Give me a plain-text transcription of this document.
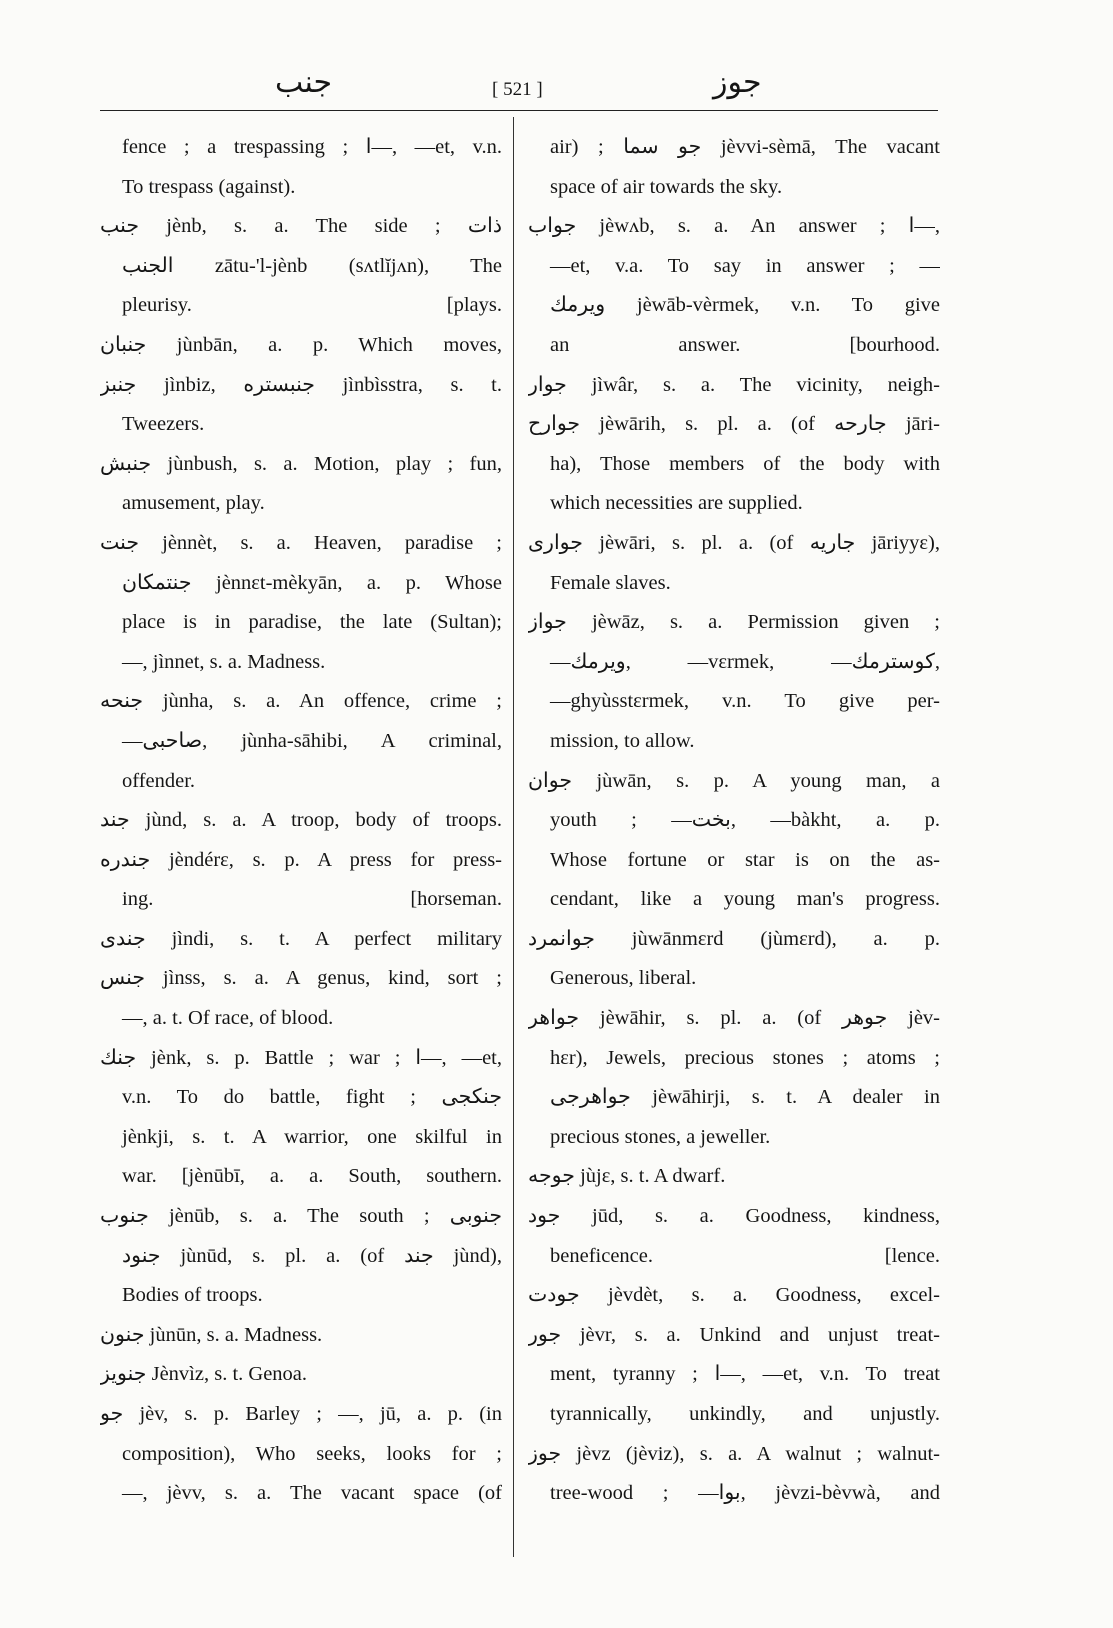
جنب	[ 521 ]	جوز
fence ; a trespassing ; ا—, —et, v.n.
To trespass (against).
جنب jènb, s. a. The side ; ذات
الجنب zātu-'l-jènb (sʌtlĭjʌn), The
pleurisy. [plays.
جنبان jùnbān, a. p. Which moves,
جنبز jìnbiz, جنبستره jìnbìsstra, s. t.
Tweezers.
جنبش jùnbush, s. a. Motion, play ; fun,
amusement, play.
جنت jènnèt, s. a. Heaven, paradise ;
جنتمكان jènnɛt-mèkyān, a. p. Whose
place is in paradise, the late (Sultan);
—, jìnnet, s. a. Madness.
جنحه jùnha, s. a. An offence, crime ;
—صاحبی, jùnha-sāhibi, A criminal,
offender.
جند jùnd, s. a. A troop, body of troops.
جندره jèndérɛ, s. p. A press for press-
ing. [horseman.
جندی jìndi, s. t. A perfect military
جنس jìnss, s. a. A genus, kind, sort ;
—, a. t. Of race, of blood.
جنك jènk, s. p. Battle ; war ; ا—, —et,
v.n. To do battle, fight ; جنكجی
jènkji, s. t. A warrior, one skilful in
war. [jènūbī, a. a. South, southern.
جنوب jènūb, s. a. The south ; جنوبی
جنود jùnūd, s. pl. a. (of جند jùnd),
Bodies of troops.
جنون jùnūn, s. a. Madness.
جنویز Jènvìz, s. t. Genoa.
جو jèv, s. p. Barley ; —, jū, a. p. (in
composition), Who seeks, looks for ;
—, jèvv, s. a. The vacant space (of
air) ; جو سما jèvvi-sèmā, The vacant
space of air towards the sky.
جواب jèwʌb, s. a. An answer ; ا—,
—et, v.a. To say in answer ; —
ویرمك jèwāb-vèrmek, v.n. To give
an answer. [bourhood.
جوار jìwâr, s. a. The vicinity, neigh-
جوارح jèwārih, s. pl. a. (of جارحه jāri-
ha), Those members of the body with
which necessities are supplied.
جواری jèwāri, s. pl. a. (of جاریه jāriyyɛ),
Female slaves.
جواز jèwāz, s. a. Permission given ;
—ویرمك, —vɛrmek, —كوسترمك,
—ghyùsstɛrmek, v.n. To give per-
mission, to allow.
جوان jùwān, s. p. A young man, a
youth ; —بخت, —bàkht, a. p.
Whose fortune or star is on the as-
cendant, like a young man's progress.
جوانمرد jùwānmɛrd (jùmɛrd), a. p.
Generous, liberal.
جواهر jèwāhir, s. pl. a. (of جوهر jèv-
hɛr), Jewels, precious stones ; atoms ;
جواهرجی jèwāhirji, s. t. A dealer in
precious stones, a jeweller.
جوجه jùjɛ, s. t. A dwarf.
جود jūd, s. a. Goodness, kindness,
beneficence. [lence.
جودت jèvdèt, s. a. Goodness, excel-
جور jèvr, s. a. Unkind and unjust treat-
ment, tyranny ; ا—, —et, v.n. To treat
tyrannically, unkindly, and unjustly.
جوز jèvz (jèviz), s. a. A walnut ; walnut-
tree-wood ; —بوا, jèvzi-bèvwà, and
